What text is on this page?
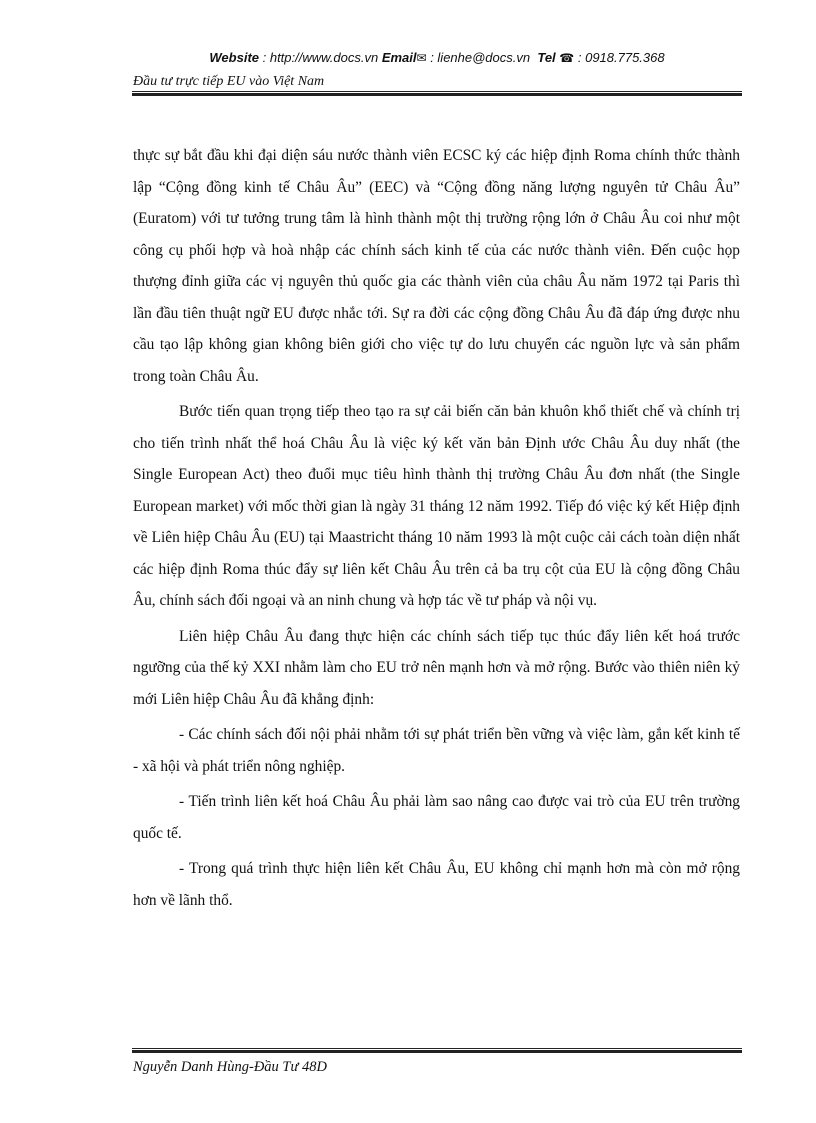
Website : http://www.docs.vn Email✉ : lienhe@docs.vn  Tel ☎ : 0918.775.368
Đầu tư trực tiếp EU vào Việt Nam

thực sự bắt đầu khi đại diện sáu nước thành viên ECSC ký các hiệp định Roma chính thức thành lập “Cộng đồng kinh tế Châu Âu” (EEC) và “Cộng đồng năng lượng nguyên tử Châu Âu” (Euratom) với tư tưởng trung tâm là hình thành một thị trường rộng lớn ở Châu Âu coi như một công cụ phối hợp và hoà nhập các chính sách kinh tế của các nước thành viên. Đến cuộc họp thượng đỉnh giữa các vị nguyên thủ quốc gia các thành viên của châu Âu năm 1972 tại Paris thì lần đầu tiên thuật ngữ EU được nhắc tới. Sự ra đời các cộng đồng Châu Âu đã đáp ứng được nhu cầu tạo lập không gian không biên giới cho việc tự do lưu chuyển các nguồn lực và sản phẩm trong toàn Châu Âu.

Bước tiến quan trọng tiếp theo tạo ra sự cải biến căn bản khuôn khổ thiết chế và chính trị cho tiến trình nhất thể hoá Châu Âu là việc ký kết văn bản Định ước Châu Âu duy nhất (the Single European Act) theo đuổi mục tiêu hình thành thị trường Châu Âu đơn nhất (the Single European market) với mốc thời gian là ngày 31 tháng 12 năm 1992. Tiếp đó việc ký kết Hiệp định về Liên hiệp Châu Âu (EU) tại Maastricht tháng 10 năm 1993 là một cuộc cải cách toàn diện nhất các hiệp định Roma thúc đẩy sự liên kết Châu Âu trên cả ba trụ cột của EU là cộng đồng Châu Âu, chính sách đối ngoại và an ninh chung và hợp tác về tư pháp và nội vụ.

Liên hiệp Châu Âu đang thực hiện các chính sách tiếp tục thúc đẩy liên kết hoá trước ngưỡng của thế kỷ XXI nhằm làm cho EU trở nên mạnh hơn và mở rộng. Bước vào thiên niên kỷ mới Liên hiệp Châu Âu đã khẳng định:

- Các chính sách đối nội phải nhằm tới sự phát triển bền vững và việc làm, gắn kết kinh tế - xã hội và phát triển nông nghiệp.

- Tiến trình liên kết hoá Châu Âu phải làm sao nâng cao được vai trò của EU trên trường quốc tế.

- Trong quá trình thực hiện liên kết Châu Âu, EU không chỉ mạnh hơn mà còn mở rộng hơn về lãnh thổ.

Nguyễn Danh Hùng-Đầu Tư 48D
